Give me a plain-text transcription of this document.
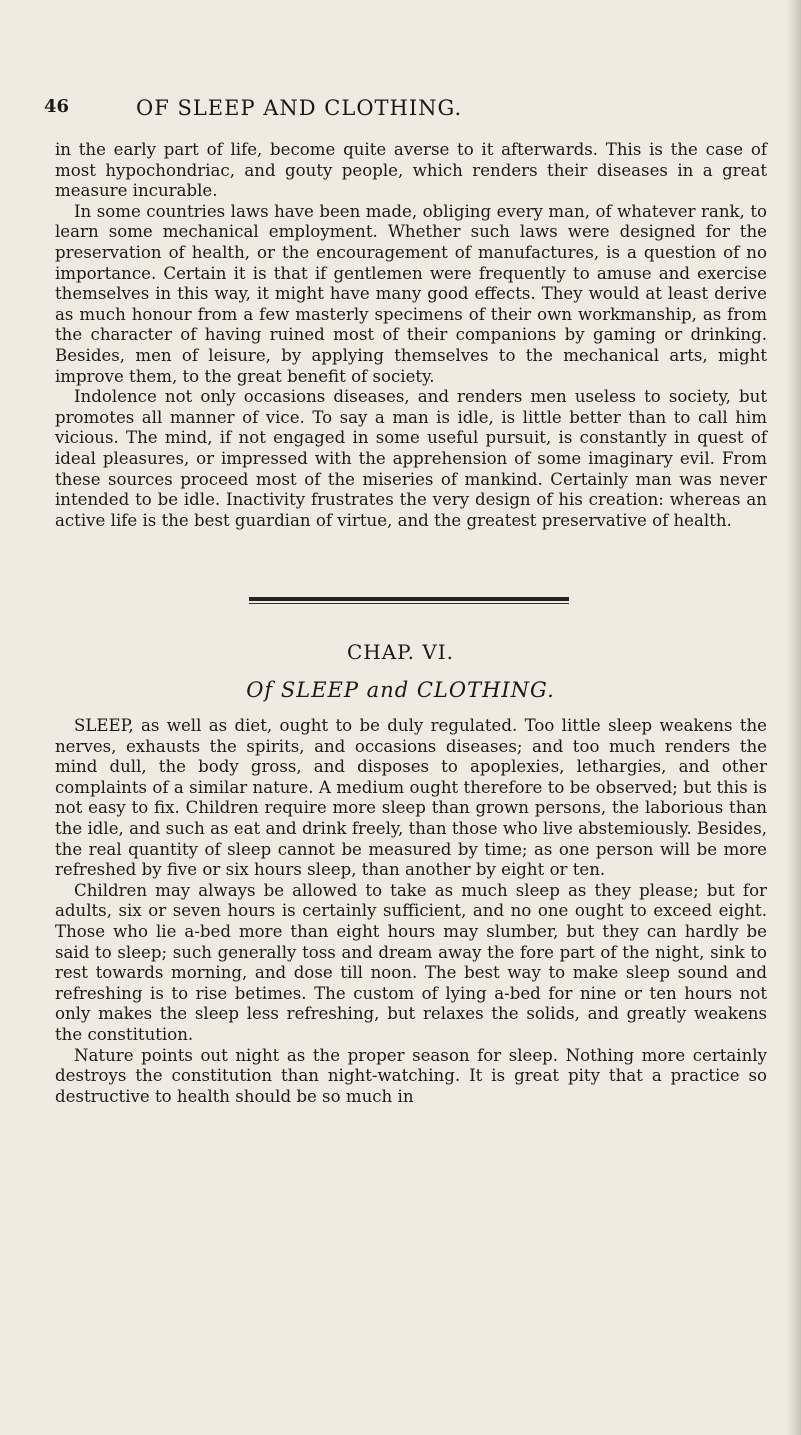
46	OF SLEEP AND CLOTHING.

in the early part of life, become quite averse to it afterwards. This is the case of most hypochondriac, and gouty people, which renders their diseases in a great measure incurable.

In some countries laws have been made, obliging every man, of whatever rank, to learn some mechanical employment. Whether such laws were designed for the preservation of health, or the encouragement of manufactures, is a question of no importance. Certain it is that if gentlemen were frequently to amuse and exercise themselves in this way, it might have many good effects. They would at least derive as much honour from a few masterly specimens of their own workmanship, as from the character of having ruined most of their companions by gaming or drinking. Besides, men of leisure, by applying themselves to the mechanical arts, might improve them, to the great benefit of society.

Indolence not only occasions diseases, and renders men useless to society, but promotes all manner of vice. To say a man is idle, is little better than to call him vicious. The mind, if not engaged in some useful pursuit, is constantly in quest of ideal pleasures, or impressed with the apprehension of some imaginary evil. From these sources proceed most of the miseries of mankind. Certainly man was never intended to be idle. Inactivity frustrates the very design of his creation: whereas an active life is the best guardian of virtue, and the greatest preservative of health.

CHAP. VI.
Of SLEEP and CLOTHING.

SLEEP, as well as diet, ought to be duly regulated. Too little sleep weakens the nerves, exhausts the spirits, and occasions diseases; and too much renders the mind dull, the body gross, and disposes to apoplexies, lethargies, and other complaints of a similar nature. A medium ought therefore to be observed; but this is not easy to fix. Children require more sleep than grown persons, the laborious than the idle, and such as eat and drink freely, than those who live abstemiously. Besides, the real quantity of sleep cannot be measured by time; as one person will be more refreshed by five or six hours sleep, than another by eight or ten.

Children may always be allowed to take as much sleep as they please; but for adults, six or seven hours is certainly sufficient, and no one ought to exceed eight. Those who lie a-bed more than eight hours may slumber, but they can hardly be said to sleep; such generally toss and dream away the fore part of the night, sink to rest towards morning, and dose till noon. The best way to make sleep sound and refreshing is to rise betimes. The custom of lying a-bed for nine or ten hours not only makes the sleep less refreshing, but relaxes the solids, and greatly weakens the constitution.

Nature points out night as the proper season for sleep. Nothing more certainly destroys the constitution than night-watching. It is great pity that a practice so destructive to health should be so much in
